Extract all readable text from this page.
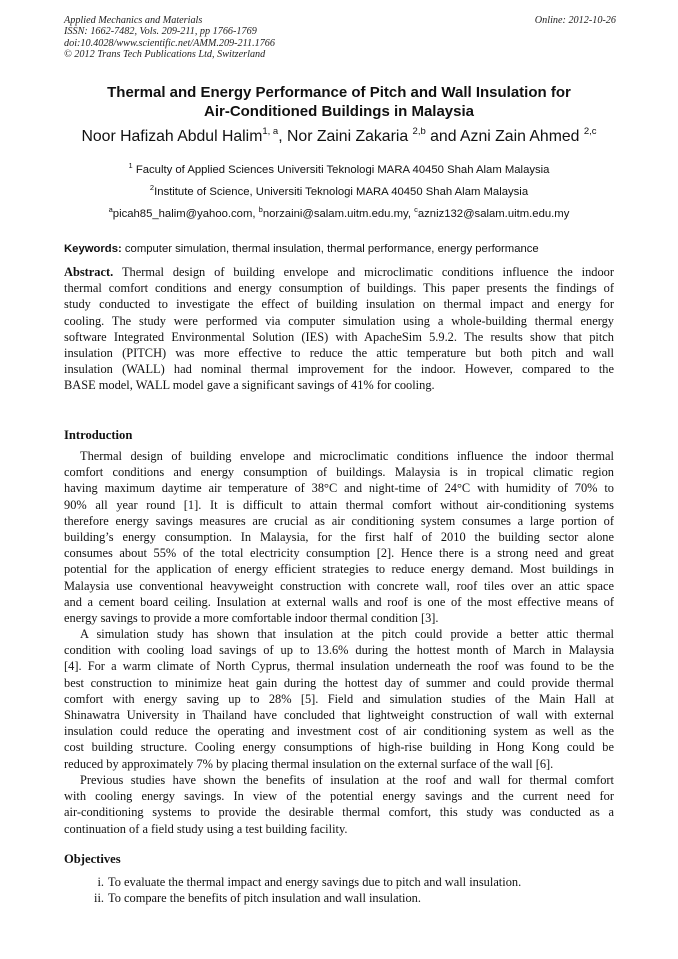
Applied Mechanics and Materials
ISSN: 1662-7482, Vols. 209-211, pp 1766-1769
doi:10.4028/www.scientific.net/AMM.209-211.1766
© 2012 Trans Tech Publications Ltd, Switzerland
Online: 2012-10-26
Thermal and Energy Performance of Pitch and Wall Insulation for
Air-Conditioned Buildings in Malaysia
Noor Hafizah Abdul Halim$^{1, a}$, Nor Zaini Zakaria $^{2,b}$ and Azni Zain Ahmed $^{2,c}$
$^1$ Faculty of Applied Sciences Universiti Teknologi MARA 40450 Shah Alam Malaysia
$^2$Institute of Science, Universiti Teknologi MARA 40450 Shah Alam Malaysia
$^a$picah85_halim@yahoo.com, $^b$norzaini@salam.uitm.edu.my, $^c$azniz132@salam.uitm.edu.my
Keywords: computer simulation, thermal insulation, thermal performance, energy performance
Abstract. Thermal design of building envelope and microclimatic conditions influence the indoor
thermal comfort conditions and energy consumption of buildings. This paper presents the findings of
study conducted to investigate the effect of building insulation on thermal impact and energy for
cooling. The study were performed via computer simulation using a whole-building thermal energy
software Integrated Environmental Solution (IES) with ApacheSim 5.9.2. The results show that pitch
insulation (PITCH) was more effective to reduce the attic temperature but both pitch and wall
insulation (WALL) had nominal thermal improvement for the indoor. However, compared to the
BASE model, WALL model gave a significant savings of 41% for cooling.
Introduction
Thermal design of building envelope and microclimatic conditions influence the indoor thermal
comfort conditions and energy consumption of buildings. Malaysia is in tropical climatic region
having maximum daytime air temperature of 38°C and night-time of 24°C with humidity of 70% to
90% all year round [1]. It is difficult to attain thermal comfort without air-conditioning systems
therefore energy savings measures are crucial as air conditioning system consumes a large portion of
building’s energy consumption. In Malaysia, for the first half of 2010 the building sector alone
consumes about 55% of the total electricity consumption [2]. Hence there is a strong need and great
potential for the application of energy efficient strategies to reduce energy demand. Most buildings in
Malaysia use conventional heavyweight construction with concrete wall, roof tiles over an attic space
and a cement board ceiling. Insulation at external walls and roof is one of the most effective means of
energy savings to provide a more comfortable indoor thermal condition [3].
A simulation study has shown that insulation at the pitch could provide a better attic thermal
condition with cooling load savings of up to 13.6% during the hottest month of March in Malaysia
[4]. For a warm climate of North Cyprus, thermal insulation underneath the roof was found to be the
best construction to minimize heat gain during the hottest day of summer and could provide thermal
comfort with energy saving up to 28% [5]. Field and simulation studies of the Main Hall at
Shinawatra University in Thailand have concluded that lightweight construction of wall with external
insulation could reduce the operating and investment cost of air conditioning system as well as the
cost building structure. Cooling energy consumptions of high-rise building in Hong Kong could be
reduced by approximately 7% by placing thermal insulation on the external surface of the wall [6].
Previous studies have shown the benefits of insulation at the roof and wall for thermal comfort
with cooling energy savings. In view of the potential energy savings and the current need for
air-conditioning systems to provide the desirable thermal comfort, this study was conducted as a
continuation of a field study using a test building facility.
Objectives
i. To evaluate the thermal impact and energy savings due to pitch and wall insulation.
ii. To compare the benefits of pitch insulation and wall insulation.
